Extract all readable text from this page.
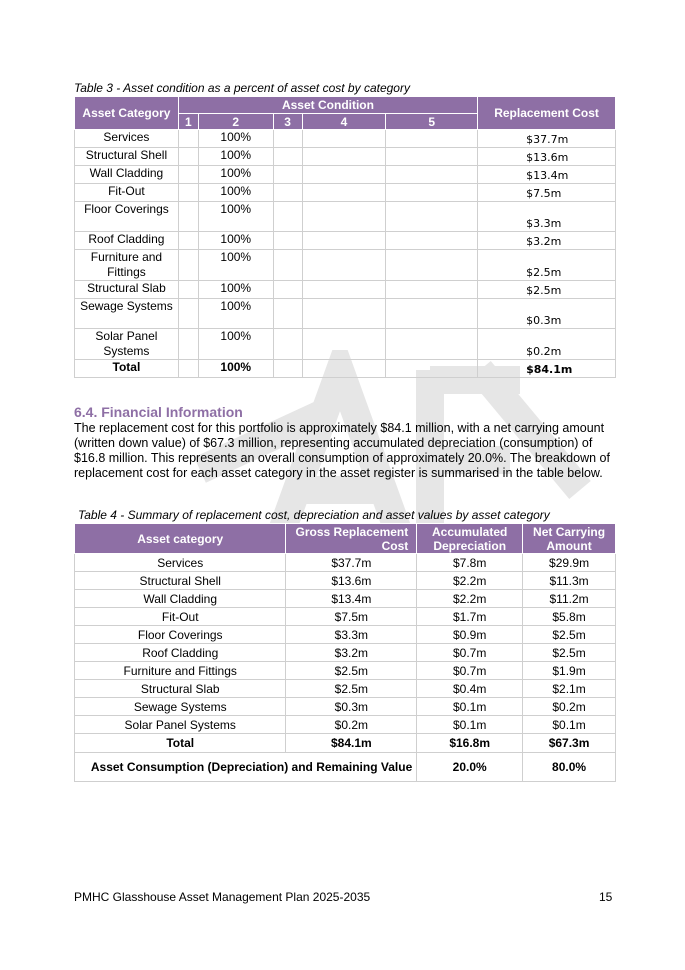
Table 3 - Asset condition as a percent of asset cost by category
Asset Category	Asset Condition					Replacement Cost
	1	2	3	4	5	
Services		100%				$37.7m
Structural Shell		100%				$13.6m
Wall Cladding		100%				$13.4m
Fit-Out		100%				$7.5m
Floor Coverings		100%				$3.3m
Roof Cladding		100%				$3.2m
Furniture and Fittings		100%				$2.5m
Structural Slab		100%				$2.5m
Sewage Systems		100%				$0.3m
Solar Panel Systems		100%				$0.2m
Total		100%				$84.1m
6.4. Financial Information

The replacement cost for this portfolio is approximately $84.1 million, with a net carrying amount (written down value) of $67.3 million, representing accumulated depreciation (consumption) of $16.8 million. This represents an overall consumption of approximately 20.0%. The breakdown of replacement cost for each asset category in the asset register is summarised in the table below.

Table 4 - Summary of replacement cost, depreciation and asset values by asset category
Asset category	Gross Replacement Cost	Accumulated Depreciation	Net Carrying Amount
Services	$37.7m	$7.8m	$29.9m
Structural Shell	$13.6m	$2.2m	$11.3m
Wall Cladding	$13.4m	$2.2m	$11.2m
Fit-Out	$7.5m	$1.7m	$5.8m
Floor Coverings	$3.3m	$0.9m	$2.5m
Roof Cladding	$3.2m	$0.7m	$2.5m
Furniture and Fittings	$2.5m	$0.7m	$1.9m
Structural Slab	$2.5m	$0.4m	$2.1m
Sewage Systems	$0.3m	$0.1m	$0.2m
Solar Panel Systems	$0.2m	$0.1m	$0.1m
Total	$84.1m	$16.8m	$67.3m
Asset Consumption (Depreciation) and Remaining Value		20.0%	80.0%
PMHC Glasshouse Asset Management Plan 2025-2035	15
